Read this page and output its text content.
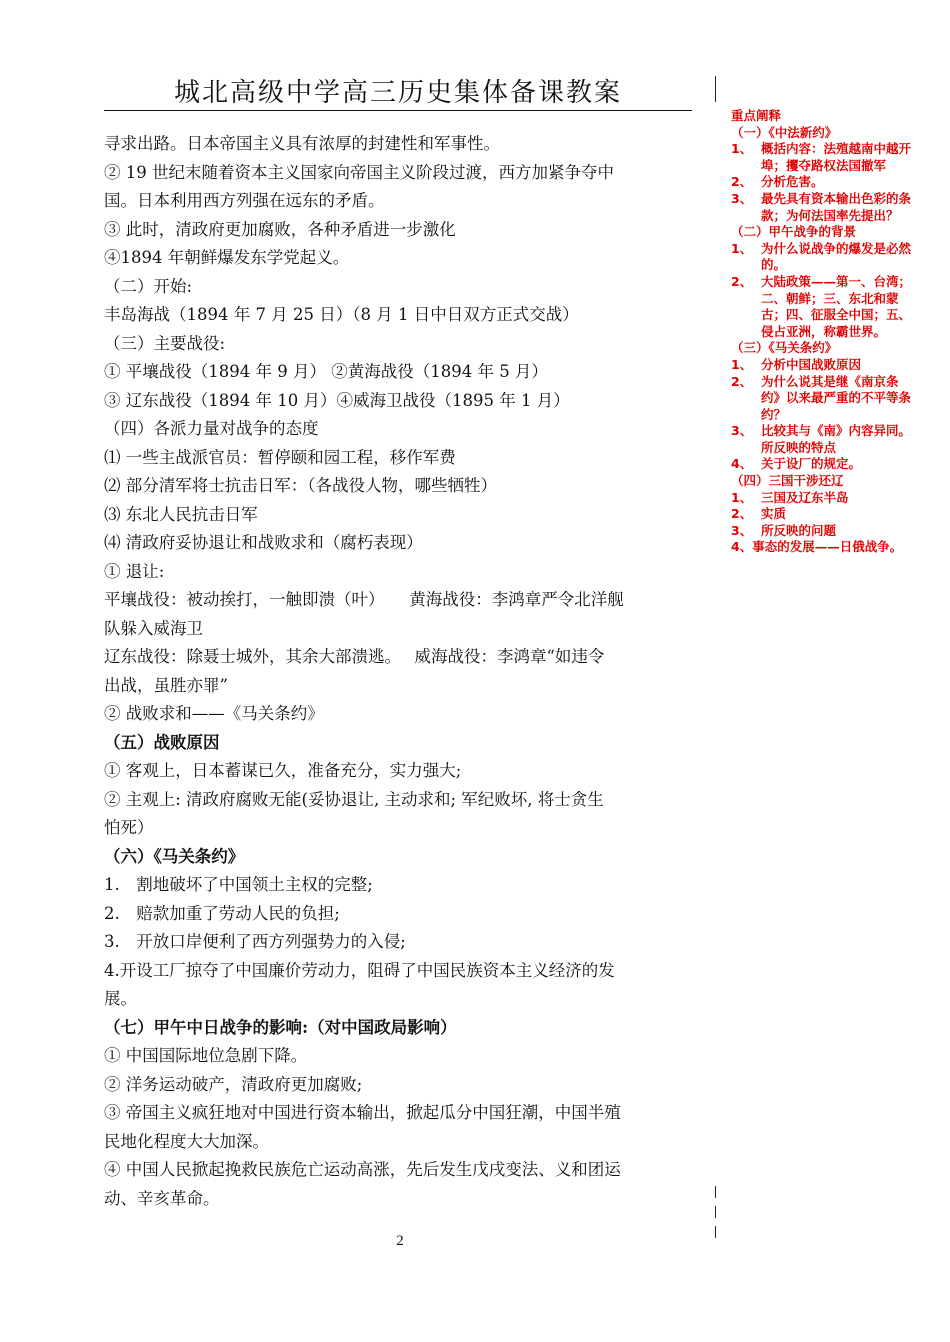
城北高级中学高三历史集体备课教案
寻求出路。日本帝国主义具有浓厚的封建性和军事性。
② 19 世纪末随着资本主义国家向帝国主义阶段过渡，西方加紧争夺中
国。日本利用西方列强在远东的矛盾。
③ 此时，清政府更加腐败，各种矛盾进一步激化
④1894 年朝鲜爆发东学党起义。
（二）开始:
丰岛海战（1894 年 7 月 25 日）（8 月 1 日中日双方正式交战）
（三）主要战役:
① 平壤战役（1894 年 9 月） ②黄海战役（1894 年 5 月）
③ 辽东战役（1894 年 10 月）④威海卫战役（1895 年 1 月）
（四）各派力量对战争的态度
⑴ 一些主战派官员：暂停颐和园工程，移作军费
⑵ 部分清军将士抗击日军：（各战役人物，哪些牺牲）
⑶ 东北人民抗击日军
⑷ 清政府妥协退让和战败求和（腐朽表现）
① 退让:
平壤战役：被动挨打，一触即溃（叶）　　黄海战役：李鸿章严令北洋舰
队躲入威海卫
辽东战役：除聂士城外，其余大部溃逃。　 威海战役：李鸿章“如违令
出战，虽胜亦罪”
② 战败求和——《马关条约》
（五）战败原因
① 客观上，日本蓄谋已久，准备充分，实力强大;
② 主观上: 清政府腐败无能(妥协退让, 主动求和; 军纪败坏, 将士贪生
怕死）
（六）《马关条约》
1.　割地破坏了中国领土主权的完整;
2.　赔款加重了劳动人民的负担;
3.　开放口岸便利了西方列强势力的入侵;
4.开设工厂掠夺了中国廉价劳动力，阻碍了中国民族资本主义经济的发
展。
（七）甲午中日战争的影响:（对中国政局影响）
① 中国国际地位急剧下降。
② 洋务运动破产，清政府更加腐败;
③ 帝国主义疯狂地对中国进行资本输出，掀起瓜分中国狂潮，中国半殖
民地化程度大大加深。
④ 中国人民掀起挽救民族危亡运动高涨，先后发生戊戌变法、义和团运
动、辛亥革命。
重点阐释
（一）《中法新约》
1、 概括内容：法殖越南中越开埠；攫夺路权法国撤军
2、 分析危害。
3、 最先具有资本输出色彩的条款；为何法国率先提出？
（二）甲午战争的背景
1、 为什么说战争的爆发是必然的。
2、 大陆政策——第一、台湾；二、朝鲜；三、东北和蒙古；四、征服全中国；五、侵占亚洲，称霸世界。
（三）《马关条约》
1、 分析中国战败原因
2、 为什么说其是继《南京条约》以来最严重的不平等条约？
3、 比较其与《南》内容异同。所反映的特点
4、 关于设厂的规定。
（四）三国干涉还辽
1、 三国及辽东半岛
2、 实质
3、 所反映的问题
4、事态的发展——日俄战争。
2
